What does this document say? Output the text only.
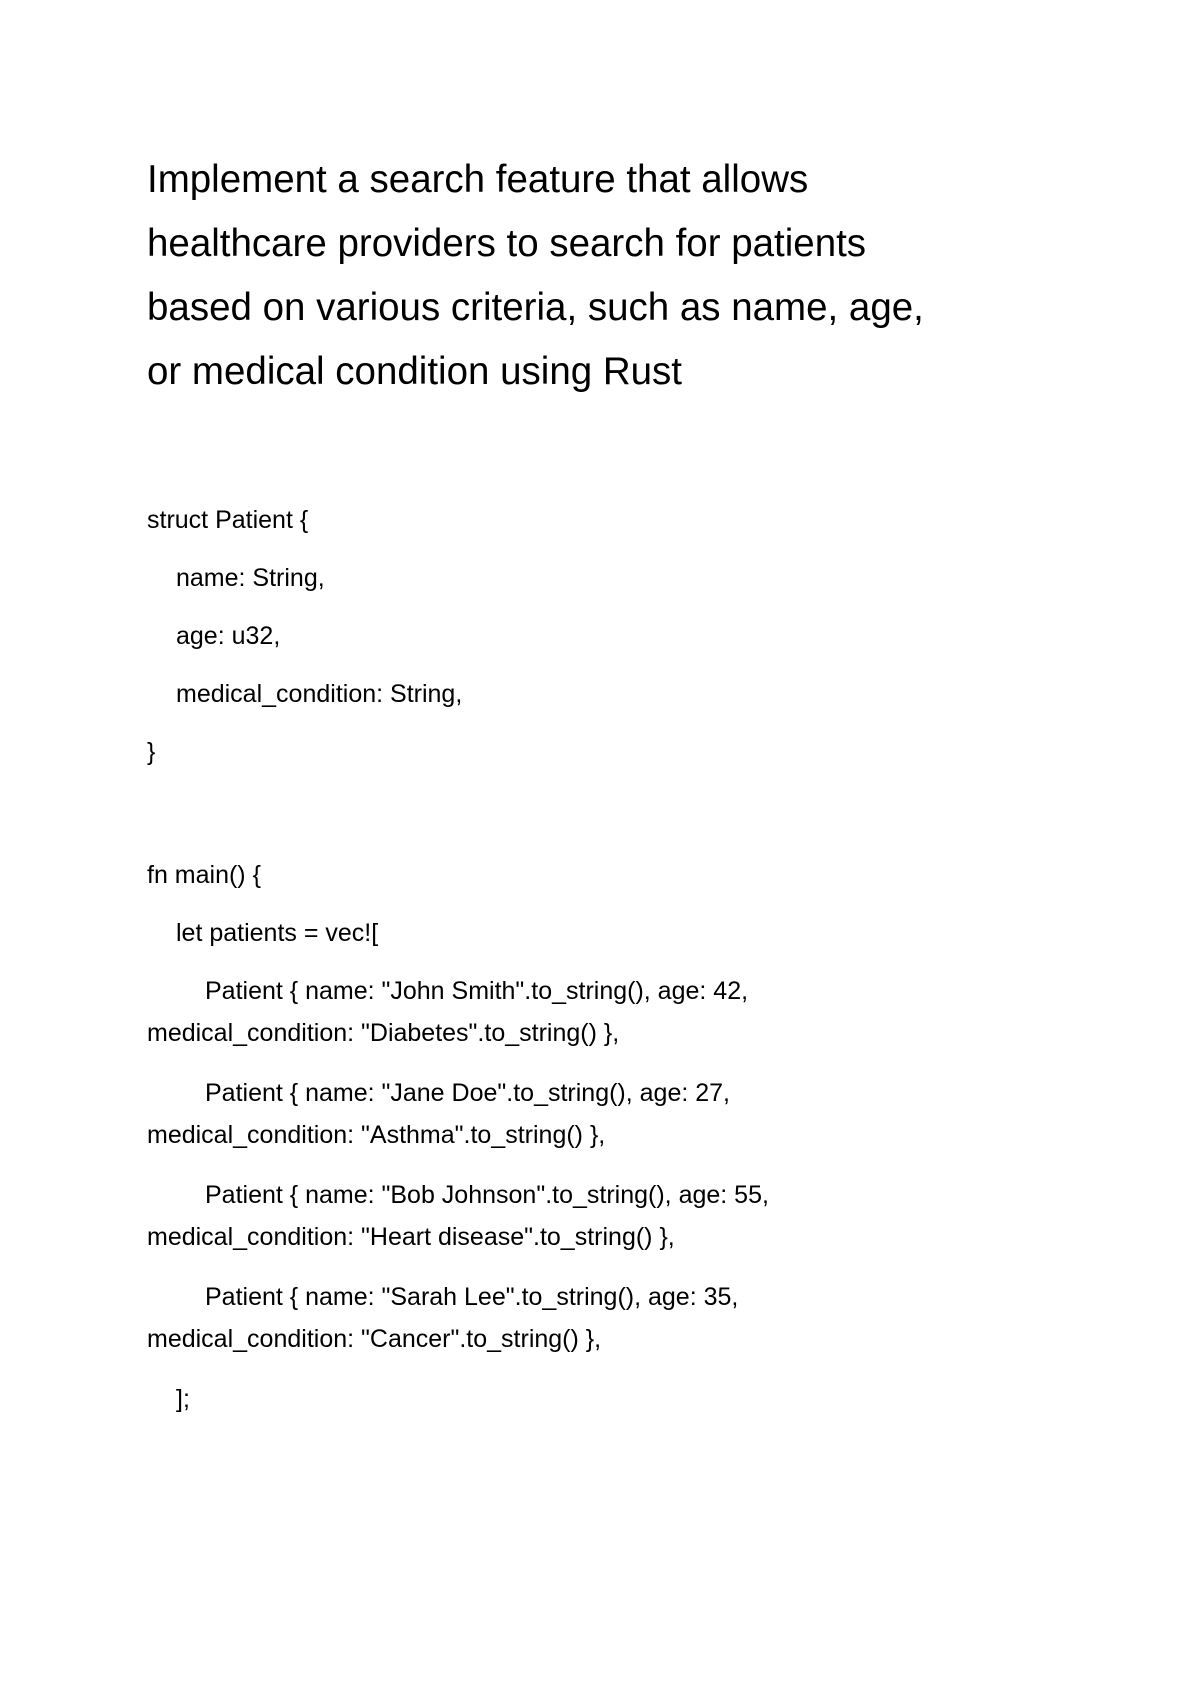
Implement a search feature that allows
healthcare providers to search for patients
based on various criteria, such as name, age,
or medical condition using Rust

struct Patient {

name: String,

age: u32,

medical_condition: String,

}

fn main() {

let patients = vec![

Patient { name: "John Smith".to_string(), age: 42,

medical_condition: "Diabetes".to_string() },

Patient { name: "Jane Doe".to_string(), age: 27,

medical_condition: "Asthma".to_string() },

Patient { name: "Bob Johnson".to_string(), age: 55,

medical_condition: "Heart disease".to_string() },

Patient { name: "Sarah Lee".to_string(), age: 35,

medical_condition: "Cancer".to_string() },

];
